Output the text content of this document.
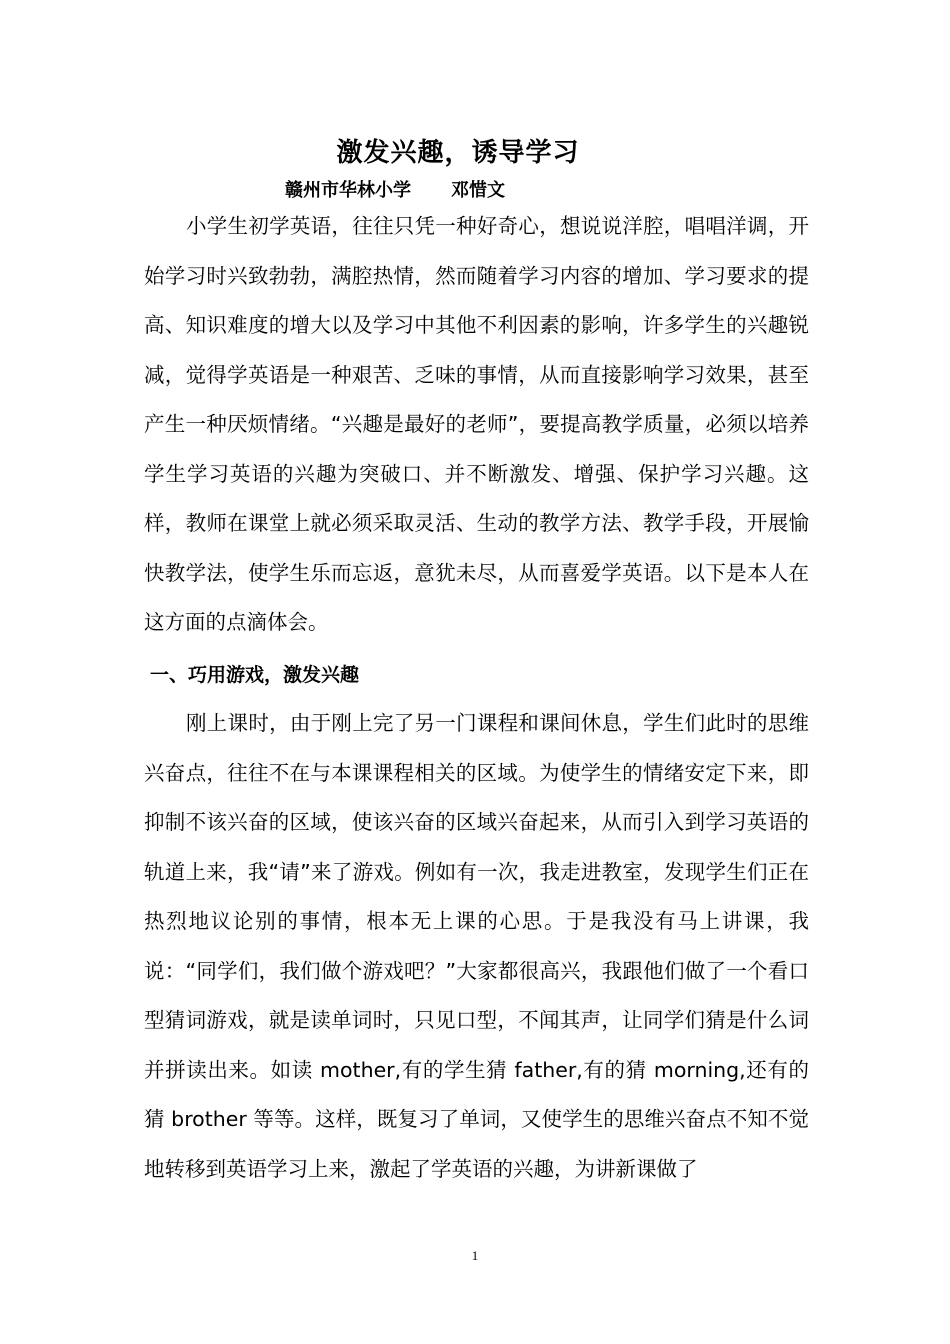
激发兴趣，诱导学习

赣州市华林小学 邓惜文

小学生初学英语，往往只凭一种好奇心，想说说洋腔，唱唱洋调，开始学习时兴致勃勃，满腔热情，然而随着学习内容的增加、学习要求的提高、知识难度的增大以及学习中其他不利因素的影响，许多学生的兴趣锐减，觉得学英语是一种艰苦、乏味的事情，从而直接影响学习效果，甚至产生一种厌烦情绪。“兴趣是最好的老师”，要提高教学质量，必须以培养学生学习英语的兴趣为突破口、并不断激发、增强、保护学习兴趣。这样，教师在课堂上就必须采取灵活、生动的教学方法、教学手段，开展愉快教学法，使学生乐而忘返，意犹未尽，从而喜爱学英语。以下是本人在这方面的点滴体会。

一、巧用游戏，激发兴趣

刚上课时，由于刚上完了另一门课程和课间休息，学生们此时的思维兴奋点，往往不在与本课课程相关的区域。为使学生的情绪安定下来，即抑制不该兴奋的区域，使该兴奋的区域兴奋起来，从而引入到学习英语的轨道上来，我“请”来了游戏。例如有一次，我走进教室，发现学生们正在热烈地议论别的事情，根本无上课的心思。于是我没有马上讲课，我说：“同学们，我们做个游戏吧？”大家都很高兴，我跟他们做了一个看口型猜词游戏，就是读单词时，只见口型，不闻其声，让同学们猜是什么词并拼读出来。如读 mother,有的学生猜 father,有的猜 morning,还有的猜 brother 等等。这样，既复习了单词，又使学生的思维兴奋点不知不觉地转移到英语学习上来，激起了学英语的兴趣，为讲新课做了

1
